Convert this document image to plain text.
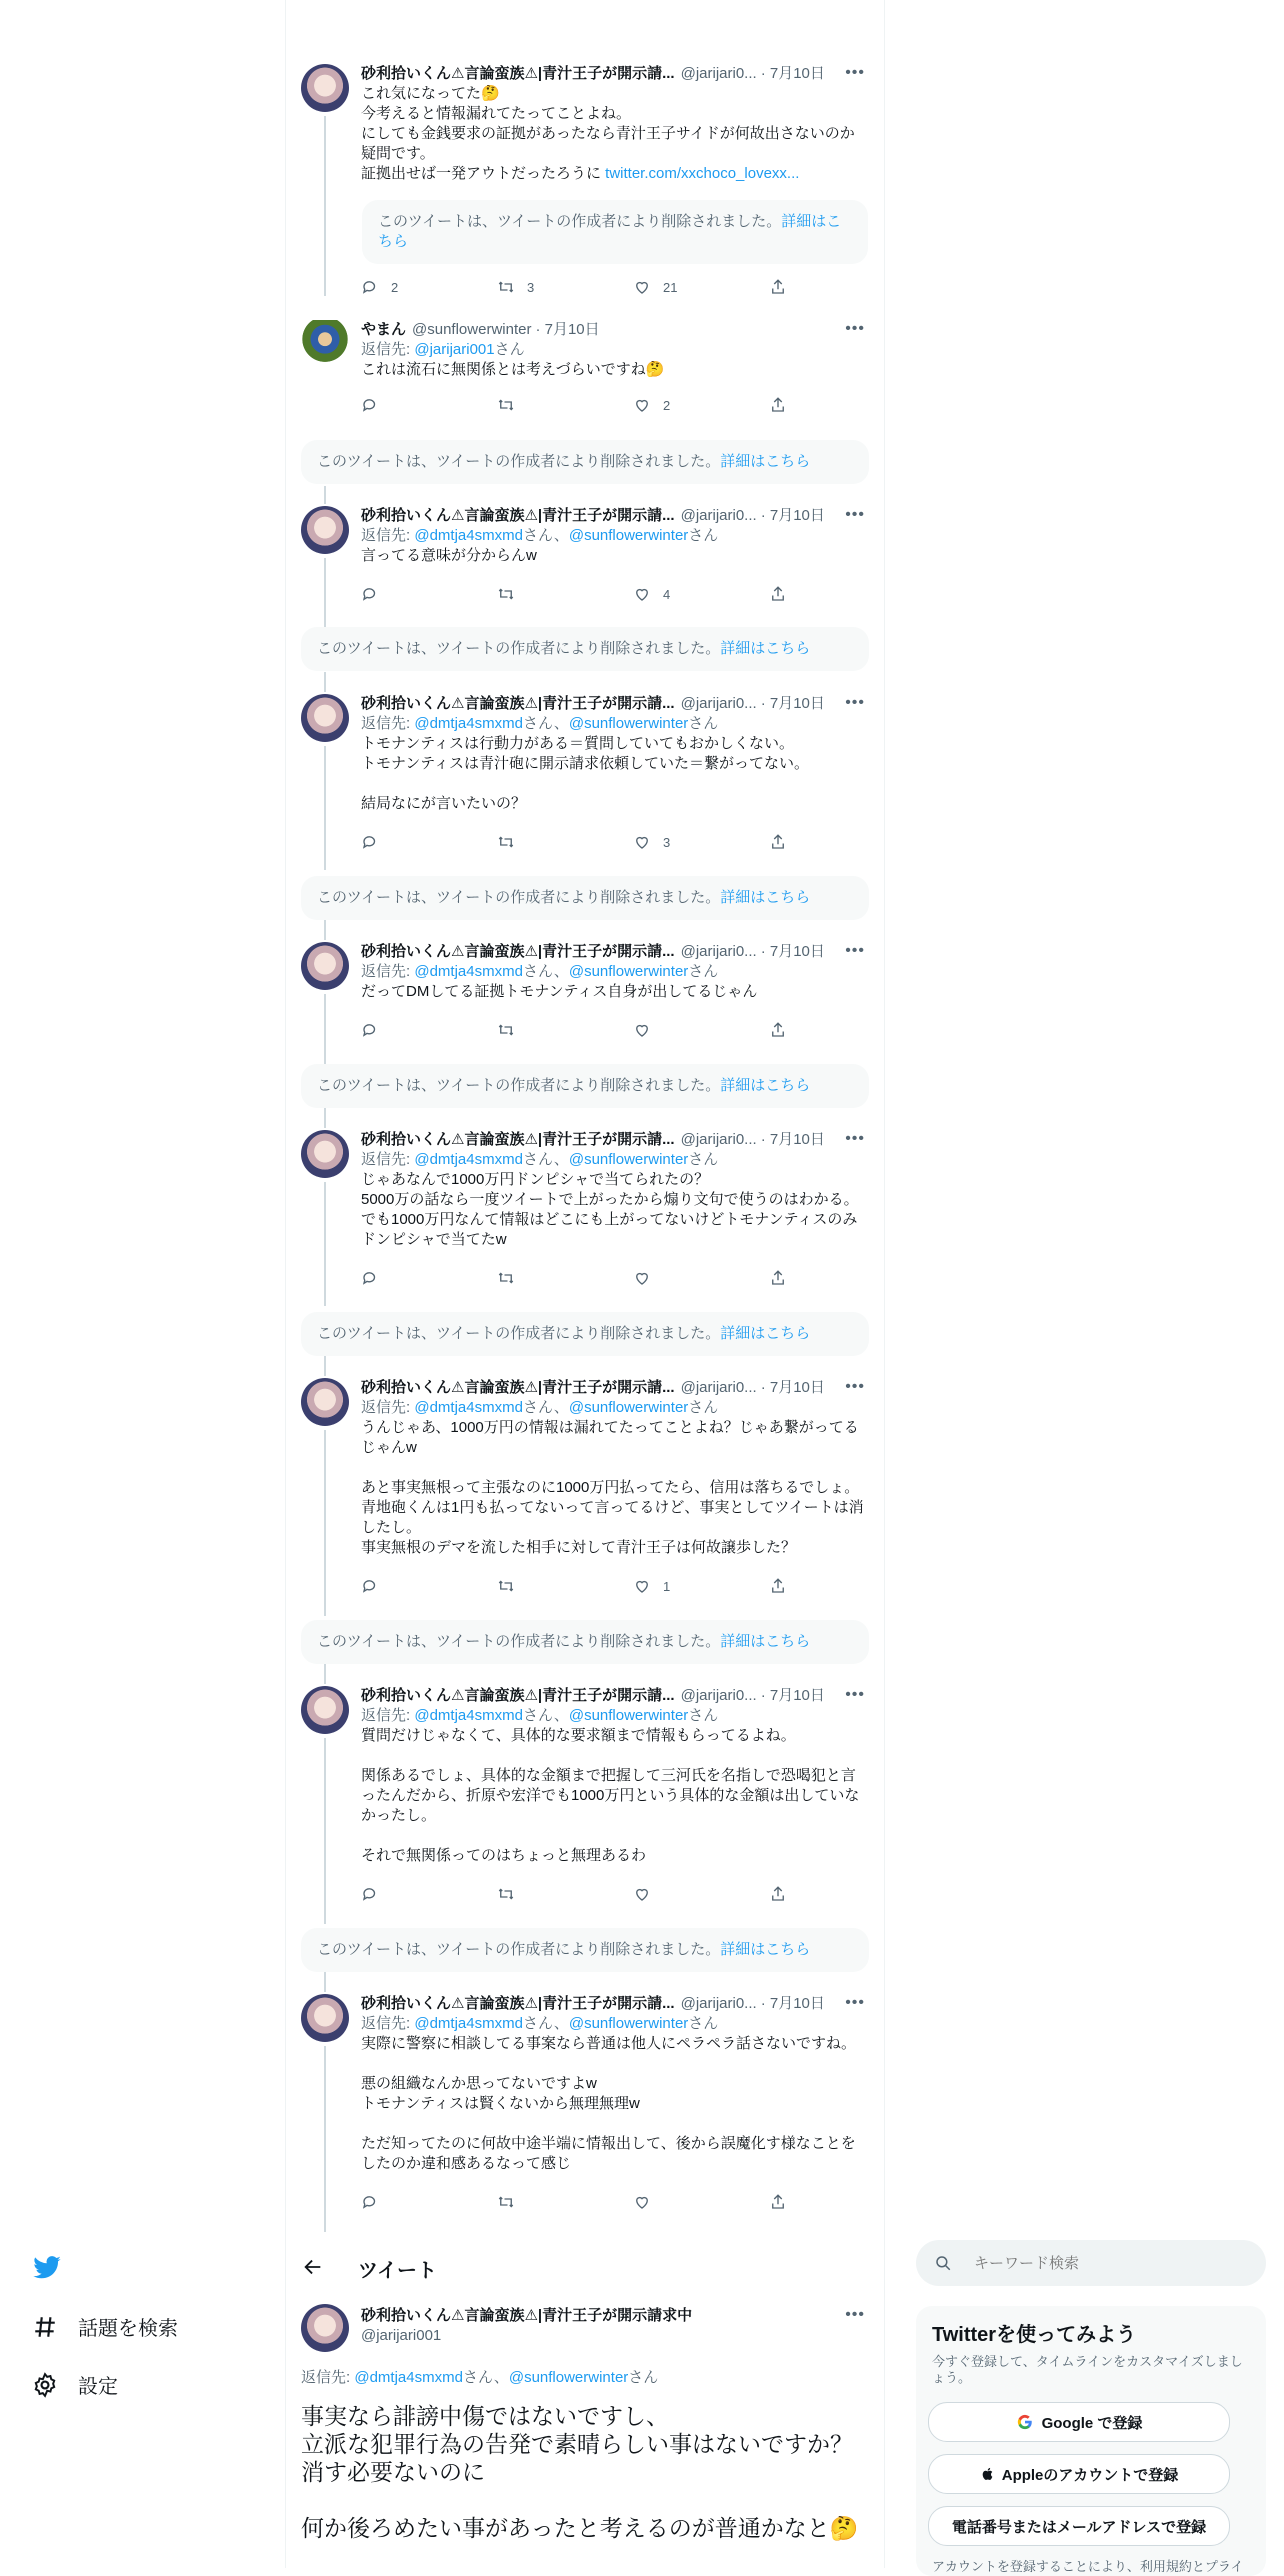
砂利拾いくん⚠言論蛮族⚠|青汁王子が開示請... @jarijari0... · 7月10日 •••
これ気になってた🤔
今考えると情報漏れてたってことよね。
にしても金銭要求の証拠があったなら青汁王子サイドが何故出さないのか疑問です。
証拠出せば一発アウトだったろうに twitter.com/xxchoco_lovexx...
このツイートは、ツイートの作成者により削除されました。詳細はこちら
2	3	21
やまん @sunflowerwinter · 7月10日	•••
返信先: @jarijari001さん
これは流石に無関係とは考えづらいですね🤔
2
このツイートは、ツイートの作成者により削除されました。詳細はこちら
砂利拾いくん⚠言論蛮族⚠|青汁王子が開示請... @jarijari0... · 7月10日 •••
返信先: @dmtja4smxmdさん、@sunflowerwinterさん
言ってる意味が分からんw
4
このツイートは、ツイートの作成者により削除されました。詳細はこちら
砂利拾いくん⚠言論蛮族⚠|青汁王子が開示請... @jarijari0... · 7月10日 •••
返信先: @dmtja4smxmdさん、@sunflowerwinterさん
トモナンティスは行動力がある＝質問していてもおかしくない。
トモナンティスは青汁砲に開示請求依頼していた＝繋がってない。

結局なにが言いたいの？
3
このツイートは、ツイートの作成者により削除されました。詳細はこちら
砂利拾いくん⚠言論蛮族⚠|青汁王子が開示請... @jarijari0... · 7月10日 •••
返信先: @dmtja4smxmdさん、@sunflowerwinterさん
だってDMしてる証拠トモナンティス自身が出してるじゃん
このツイートは、ツイートの作成者により削除されました。詳細はこちら
砂利拾いくん⚠言論蛮族⚠|青汁王子が開示請... @jarijari0... · 7月10日 •••
返信先: @dmtja4smxmdさん、@sunflowerwinterさん
じゃあなんで1000万円ドンピシャで当てられたの？
5000万の話なら一度ツイートで上がったから煽り文句で使うのはわかる。
でも1000万円なんて情報はどこにも上がってないけどトモナンティスのみドンピシャで当てたw
このツイートは、ツイートの作成者により削除されました。詳細はこちら
砂利拾いくん⚠言論蛮族⚠|青汁王子が開示請... @jarijari0... · 7月10日 •••
返信先: @dmtja4smxmdさん、@sunflowerwinterさん
うんじゃあ、1000万円の情報は漏れてたってことよね？じゃあ繋がってるじゃんw

あと事実無根って主張なのに1000万円払ってたら、信用は落ちるでしょ。
青地砲くんは1円も払ってないって言ってるけど、事実としてツイートは消したし。
事実無根のデマを流した相手に対して青汁王子は何故譲歩した？
1
このツイートは、ツイートの作成者により削除されました。詳細はこちら
砂利拾いくん⚠言論蛮族⚠|青汁王子が開示請... @jarijari0... · 7月10日 •••
返信先: @dmtja4smxmdさん、@sunflowerwinterさん
質問だけじゃなくて、具体的な要求額まで情報もらってるよね。

関係あるでしょ、具体的な金額まで把握して三河氏を名指しで恐喝犯と言ったんだから、折原や宏洋でも1000万円という具体的な金額は出していなかったし。

それで無関係ってのはちょっと無理あるわ
このツイートは、ツイートの作成者により削除されました。詳細はこちら
砂利拾いくん⚠言論蛮族⚠|青汁王子が開示請... @jarijari0... · 7月10日 •••
返信先: @dmtja4smxmdさん、@sunflowerwinterさん
実際に警察に相談してる事案なら普通は他人にペラペラ話さないですね。

悪の組織なんか思ってないですよw
トモナンティスは賢くないから無理無理w

ただ知ってたのに何故中途半端に情報出して、後から誤魔化す様なことをしたのか違和感あるなって感じ
ツイート
話題を検索
設定
砂利拾いくん⚠言論蛮族⚠|青汁王子が開示請求中
@jarijari001
•••
返信先: @dmtja4smxmdさん、@sunflowerwinterさん
事実なら誹謗中傷ではないですし、
立派な犯罪行為の告発で素晴らしい事はないですか？
消す必要ないのに

何か後ろめたい事があったと考えるのが普通かなと🤔
キーワード検索
Twitterを使ってみよう
今すぐ登録して、タイムラインをカスタマイズしましょう。
Google で登録
Appleのアカウントで登録
電話番号またはメールアドレスで登録
アカウントを登録することにより、利用規約とプライ
